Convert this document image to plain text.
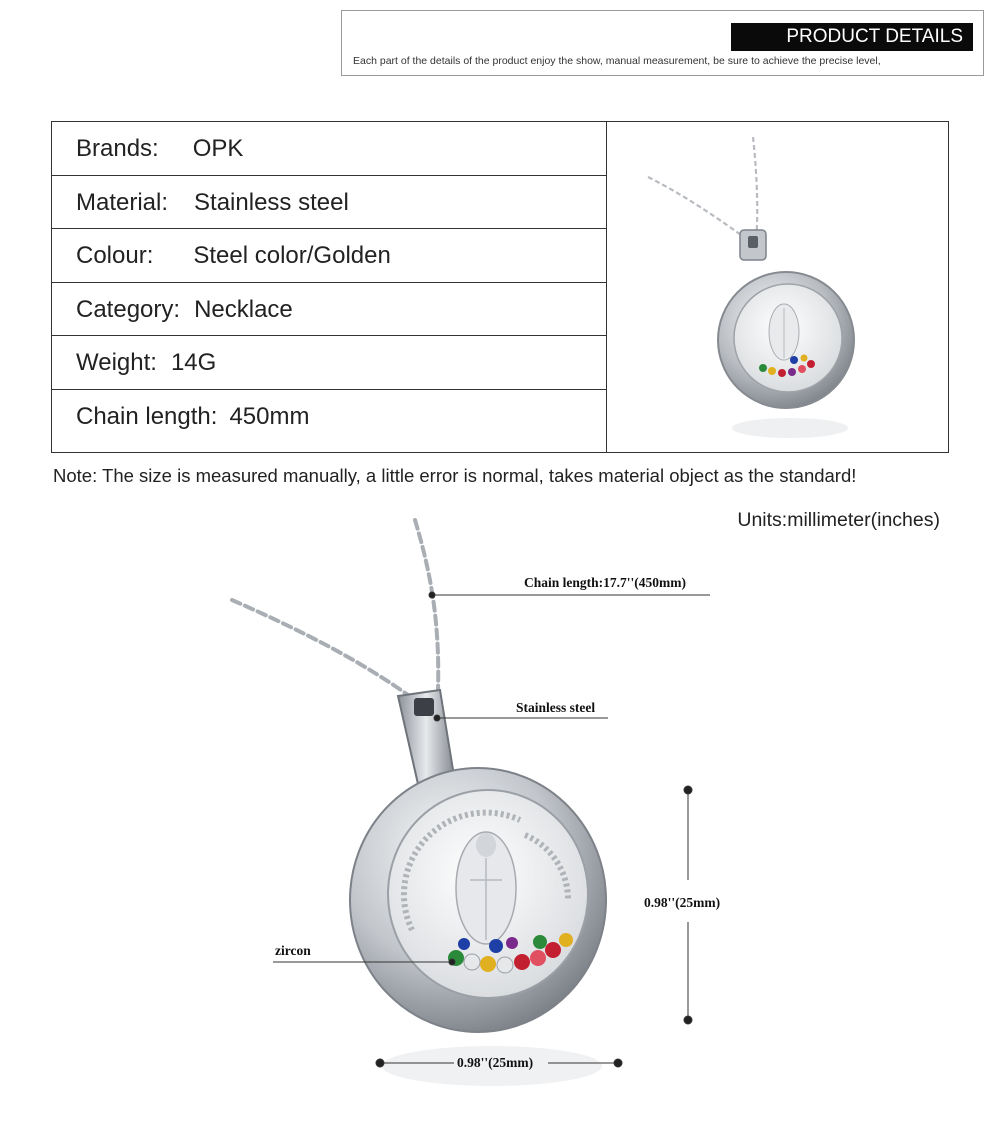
PRODUCT DETAILS
Each part of the details of the product enjoy the show, manual measurement, be sure to achieve the precise level,
Brands: OPK
Material: Stainless steel
Colour: Steel color/Golden
Category: Necklace
Weight: 14G
Chain length: 450mm
Note: The size is measured manually, a little error is normal, takes material object as the standard!
Units:millimeter(inches)
Chain length:17.7''(450mm)
Stainless steel
0.98''(25mm)
zircon
0.98''(25mm)
